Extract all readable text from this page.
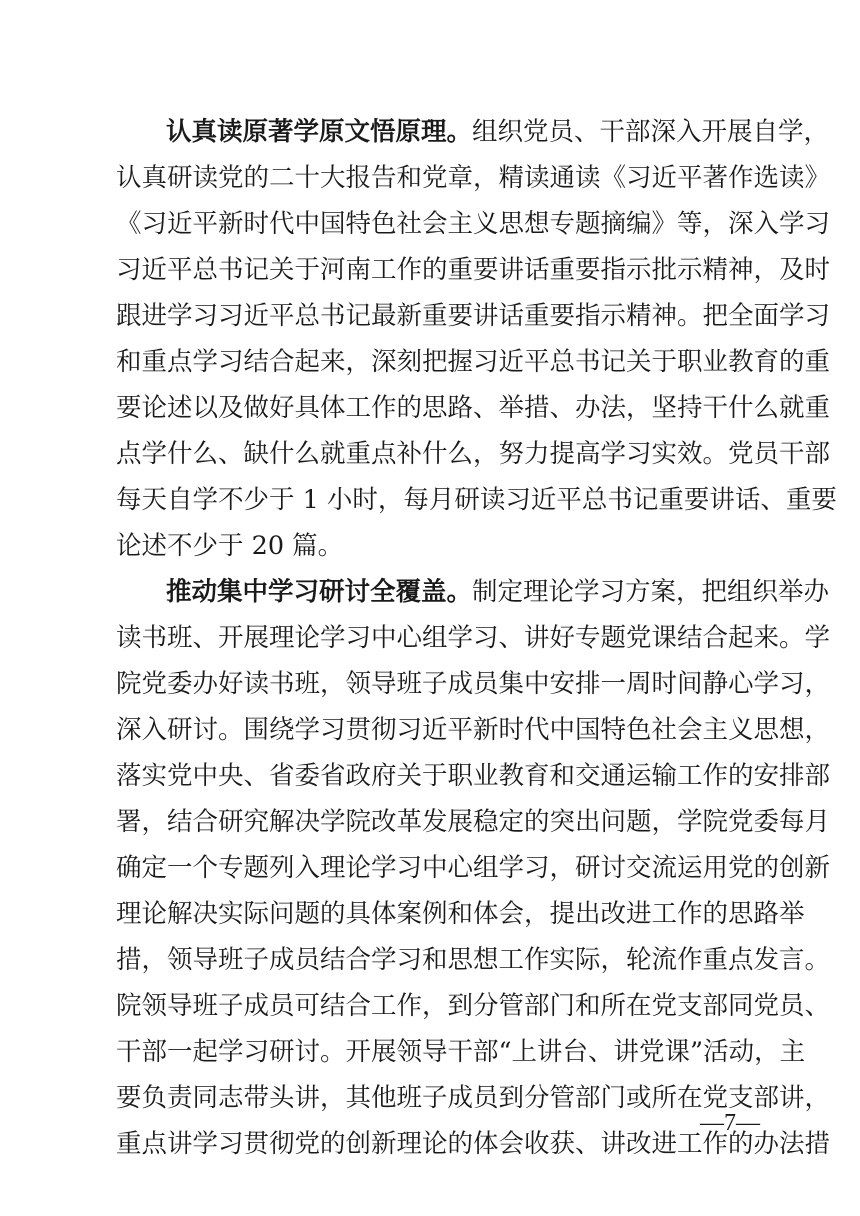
认真读原著学原文悟原理。组织党员、干部深入开展自学，
认真研读党的二十大报告和党章，精读通读《习近平著作选读》
《习近平新时代中国特色社会主义思想专题摘编》等，深入学习
习近平总书记关于河南工作的重要讲话重要指示批示精神，及时
跟进学习习近平总书记最新重要讲话重要指示精神。把全面学习
和重点学习结合起来，深刻把握习近平总书记关于职业教育的重
要论述以及做好具体工作的思路、举措、办法，坚持干什么就重
点学什么、缺什么就重点补什么，努力提高学习实效。党员干部
每天自学不少于 1 小时，每月研读习近平总书记重要讲话、重要
论述不少于 20 篇。
推动集中学习研讨全覆盖。制定理论学习方案，把组织举办
读书班、开展理论学习中心组学习、讲好专题党课结合起来。学
院党委办好读书班，领导班子成员集中安排一周时间静心学习，
深入研讨。围绕学习贯彻习近平新时代中国特色社会主义思想，
落实党中央、省委省政府关于职业教育和交通运输工作的安排部
署，结合研究解决学院改革发展稳定的突出问题，学院党委每月
确定一个专题列入理论学习中心组学习，研讨交流运用党的创新
理论解决实际问题的具体案例和体会，提出改进工作的思路举
措，领导班子成员结合学习和思想工作实际，轮流作重点发言。
院领导班子成员可结合工作，到分管部门和所在党支部同党员、
干部一起学习研讨。开展领导干部“上讲台、讲党课”活动，主
要负责同志带头讲，其他班子成员到分管部门或所在党支部讲，
重点讲学习贯彻党的创新理论的体会收获、讲改进工作的办法措
—7—
